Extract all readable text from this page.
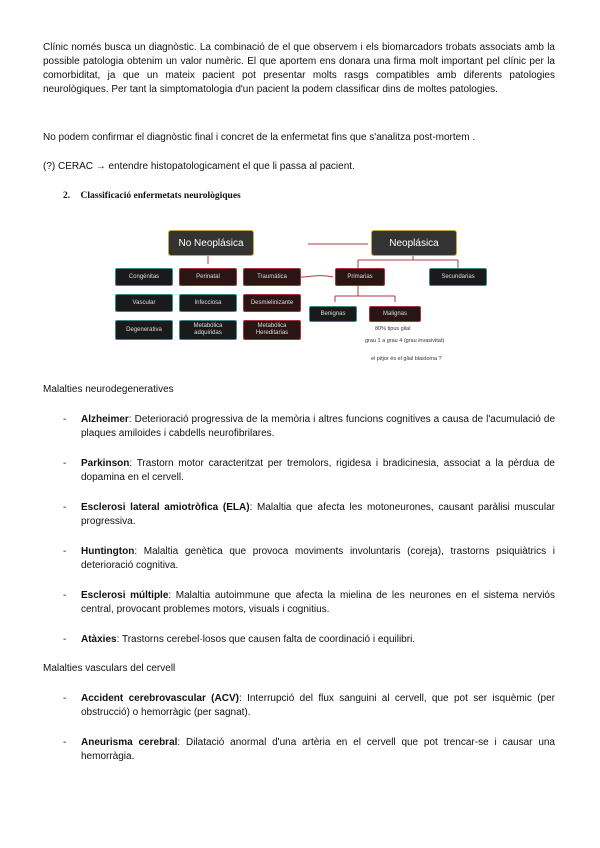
Clínic només busca un diagnòstic. La combinació de el que observem i els biomarcadors trobats associats amb la possible patologia obtenim un valor numèric. El que aportem ens donara una firma molt important pel clínic per la comorbiditat, ja que un mateix pacient pot presentar molts rasgs compatibles amb diferents patologies neurològiques. Per tant la simptomatologia d'un pacient la podem classificar dins de moltes patologies.

No podem confirmar el diagnòstic final i concret de la enfermetat fins que s'analitza post-mortem .

(?) CERAC → entendre histopatologicament el que li passa al pacient.

2. Classificació enfermetats neurològiques
No Neoplásica	Neoplásica
Congénitas	Perinatal	Traumática
Vascular	Infecciosa	Desmielinizante
Degenerativa
Metabólica adquiridas
Metabólica Hereditarias
Primarias	Secundarias
Benignas	Malignas
80% tipus glial
grau 1 a grau 4 (grau invasivitat)
el pitjor és el glial blastoma ?
Malalties neurodegeneratives
- Alzheimer: Deterioració progressiva de la memòria i altres funcions cognitives a causa de l'acumulació de plaques amiloides i cabdells neurofibrilares.

- Parkinson: Trastorn motor caracteritzat per tremolors, rigidesa i bradicinesia, associat a la pèrdua de dopamina en el cervell.

- Esclerosi lateral amiotròfica (ELA): Malaltia que afecta les motoneurones, causant paràlisi muscular progressiva.

- Huntington: Malaltia genètica que provoca moviments involuntaris (coreja), trastorns psiquiàtrics i deterioració cognitiva.

- Esclerosi múltiple: Malaltia autoimmune que afecta la mielina de les neurones en el sistema nerviós central, provocant problemes motors, visuals i cognitius.

- Atàxies: Trastorns cerebel·losos que causen falta de coordinació i equilibri.

Malalties vasculars del cervell
- Accident cerebrovascular (ACV): Interrupció del flux sanguini al cervell, que pot ser isquèmic (per obstrucció) o hemorràgic (per sagnat).

- Aneurisma cerebral: Dilatació anormal d'una artèria en el cervell que pot trencar-se i causar una hemorràgia.
